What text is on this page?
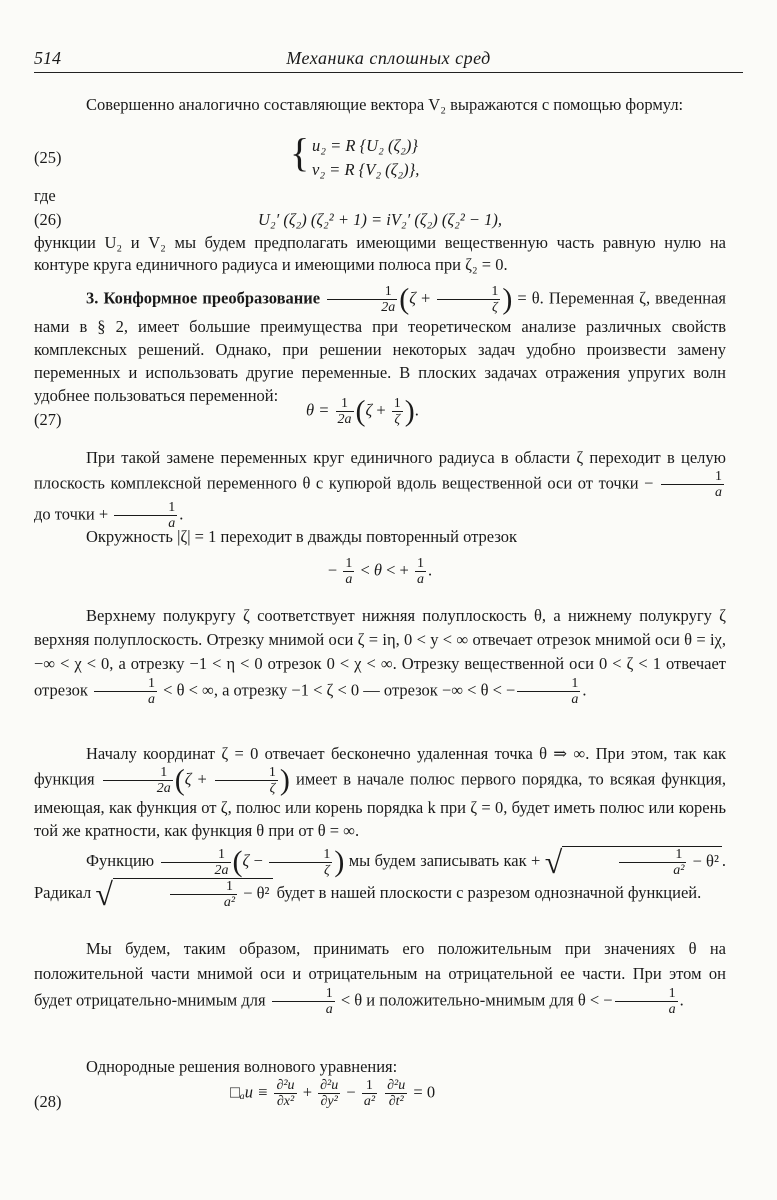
514	Механика сплошных сред
Совершенно аналогично составляющие вектора V₂ выражаются с помощью формул:
(25)	{ u₂ = R {U₂ (ζ₂)}
v₂ = R {V₂ (ζ₂)},
где
(26)	U₂′ (ζ₂) (ζ₂² + 1) = iV₂′ (ζ₂) (ζ₂² − 1),
функции U₂ и V₂ мы будем предполагать имеющими вещественную часть равную нулю на контуре круга единичного радиуса и имеющими полюса при ζ₂ = 0.
3. Конформное преобразование $\frac{1}{2a} (\zeta + \frac{1}{\zeta}$ ) = θ. Переменная ζ, введенная нами в § 2, имеет большие преимущества при теоретическом анализе различных свойств комплексных решений. Однако, при решении некоторых задач удобно произвести замену переменных и использовать другие переменные. В плоских задачах отражения упругих волн удобнее пользоваться переменной:
(27)
$\theta = \frac{1}{2a} (\zeta + \frac{1}{\zeta}$ ).
При такой замене переменных круг единичного радиуса в области ζ переходит в целую плоскость комплексной переменного θ с купюрой вдоль вещественной оси от точки − $\frac{1}{a}$
до точки + $\frac{1}{a}$ .
Окружность |ζ| = 1 переходит в дважды повторенный отрезок
− $\frac{1}{a} < \theta$ < + $\frac{1}{a}$ .
Верхнему полукругу ζ соответствует нижняя полуплоскость θ, а нижнему полукругу ζ верхняя полуплоскость. Отрезку мнимой оси ζ = iη, 0 < y < ∞ отвечает отрезок мнимой оси θ = iχ, −∞ < χ < 0, а отрезку −1 < η < 0 отрезок 0 < χ < ∞. Отрезку вещественной оси 0 < ζ < 1 отвечает отрезок $\frac{1}{a} < \theta$ < ∞, а отрезку −1 < ζ < 0 — отрезок −∞ < θ < − $\frac{1}{a}$ .
Началу координат ζ = 0 отвечает бесконечно удаленная точка θ ⇒ ∞. При этом, так как функция $\frac{1}{2a} (\zeta + \frac{1}{\zeta}$ ) имеет в начале полюс первого порядка, то всякая функция, имеющая, как функция от ζ, полюс или корень порядка k при ζ = 0, будет иметь полюс или корень той же кратности, как функция θ при от θ = ∞.
Функцию $\frac{1}{2a} (\zeta - \frac{1}{\zeta}$ ) мы будем записывать как + √	$\frac{1}{\text{a²}} - \theta^2$ . Радикал √	$\frac{1}{\text{a²}} - \theta^2$ будет в нашей плоскости с разрезом однозначной функцией.
Мы будем, таким образом, принимать его положительным при значениях θ на положительной части мнимой оси и отрицательным на отрицательной ее части. При этом он будет отрицательно-мнимым для $\frac{1}{a} < \theta$ и положительно-мнимым для θ < − $\frac{1}{a}$ .
Однородные решения волнового уравнения:
(28)
□ₐu ≡ $\frac{\text{∂²u}}{\text{∂x²}} + \frac{\text{∂²u}}{\text{∂y²}} - \frac{1}{\text{a²}}$
$\frac{\text{∂²u}}{\text{∂t²}} = 0$
